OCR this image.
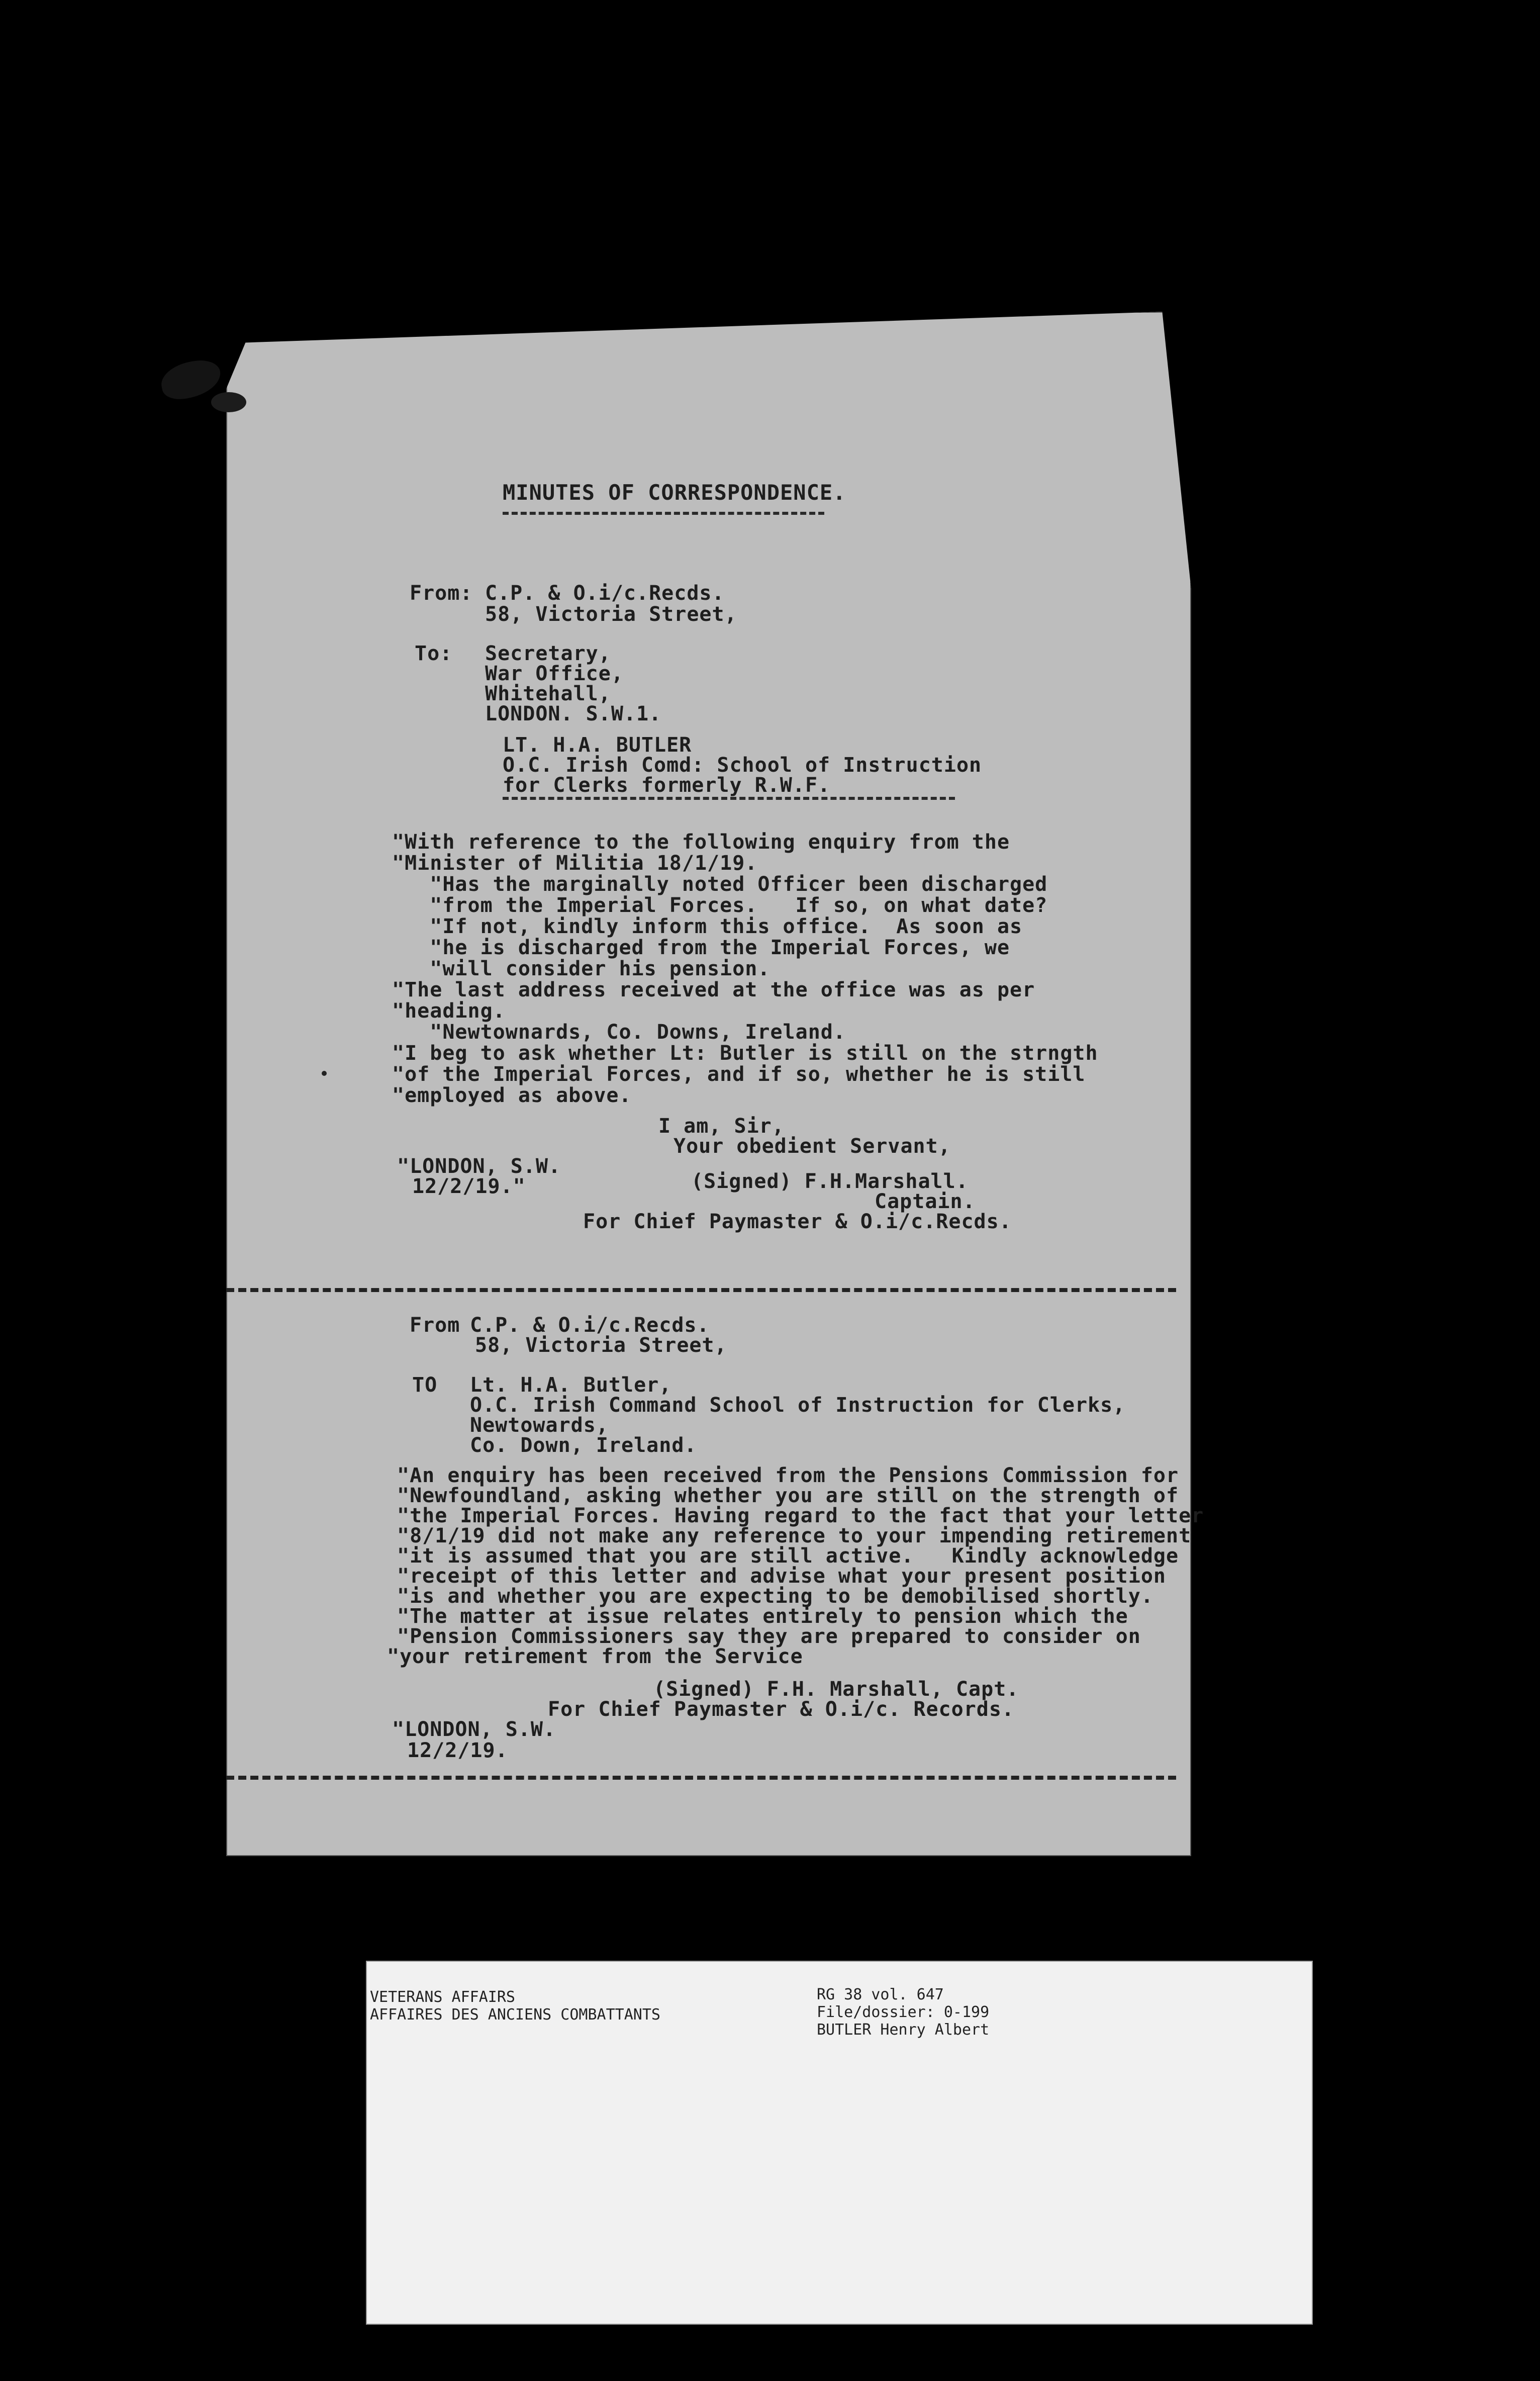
MINUTES OF CORRESPONDENCE.
From: C.P. & O.i/c.Recds.
58, Victoria Street,
To: Secretary,
War Office,
Whitehall,
LONDON. S.W.1.
LT. H.A. BUTLER
O.C. Irish Comd: School of Instruction
for Clerks formerly R.W.F.
"With reference to the following enquiry from the
"Minister of Militia 18/1/19.
"Has the marginally noted Officer been discharged
"from the Imperial Forces.   If so, on what date?
"If not, kindly inform this office.  As soon as
"he is discharged from the Imperial Forces, we
"will consider his pension.
"The last address received at the office was as per
"heading.
"Newtownards, Co. Downs, Ireland.
"I beg to ask whether Lt: Butler is still on the strngth
"of the Imperial Forces, and if so, whether he is still
"employed as above.
I am, Sir,
Your obedient Servant,
"LONDON, S.W.
12/2/19."	(Signed) F.H.Marshall.
Captain.
For Chief Paymaster & O.i/c.Recds.
From C.P. & O.i/c.Recds.
58, Victoria Street,
TO Lt. H.A. Butler,
O.C. Irish Command School of Instruction for Clerks,
Newtowards,
Co. Down, Ireland.
"An enquiry has been received from the Pensions Commission for
"Newfoundland, asking whether you are still on the strength of
"the Imperial Forces. Having regard to the fact that your letter
"8/1/19 did not make any reference to your impending retirement
"it is assumed that you are still active.   Kindly acknowledge
"receipt of this letter and advise what your present position
"is and whether you are expecting to be demobilised shortly.
"The matter at issue relates entirely to pension which the
"Pension Commissioners say they are prepared to consider on
"your retirement from the Service
(Signed) F.H. Marshall, Capt.
For Chief Paymaster & O.i/c. Records.
"LONDON, S.W.
12/2/19.
VETERANS AFFAIRS
AFFAIRES DES ANCIENS COMBATTANTS
RG 38 vol. 647
File/dossier: 0-199
BUTLER Henry Albert
